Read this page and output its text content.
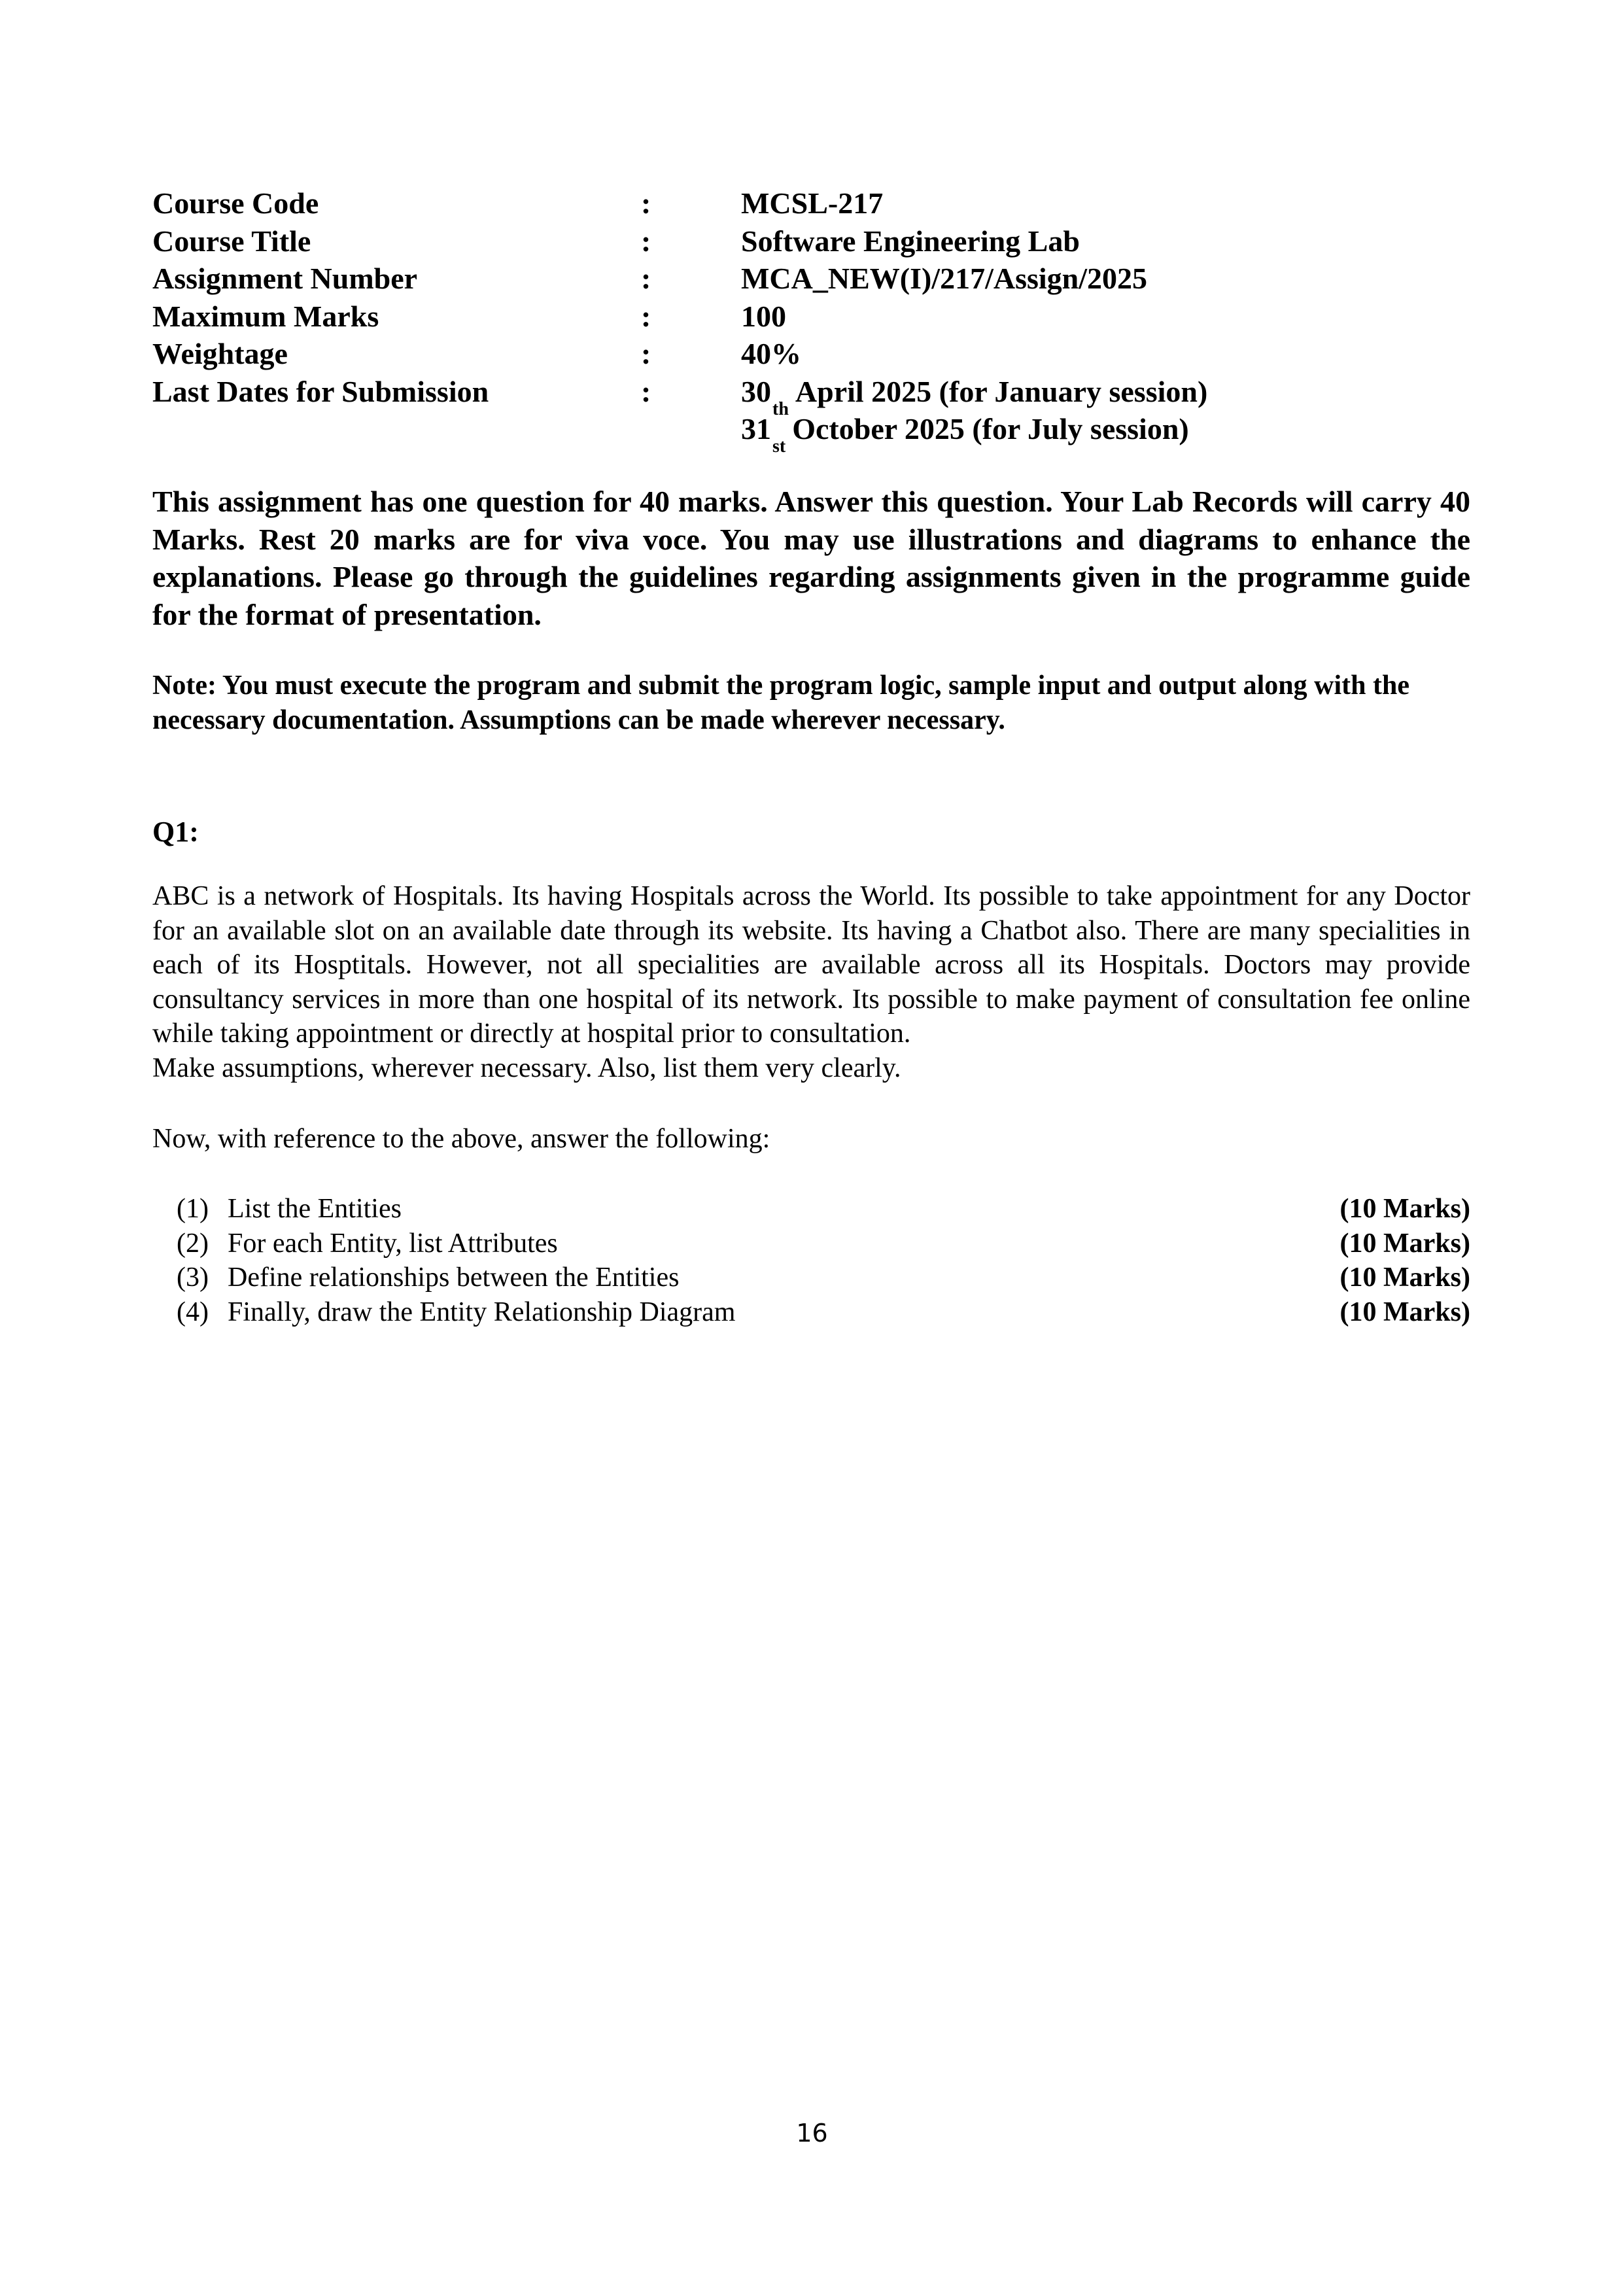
Course Code	:	MCSL-217
Course Title	:	Software Engineering Lab
Assignment Number	:	MCA_NEW(I)/217/Assign/2025
Maximum Marks	:	100
Weightage	:	40%
Last Dates for Submission	:	30thApril 2025 (for January session)
31stOctober 2025 (for July session)

This assignment has one question for 40 marks. Answer this question. Your Lab Records will carry 40 Marks. Rest 20 marks are for viva voce. You may use illustrations and diagrams to enhance the explanations. Please go through the guidelines regarding assignments given in the programme guide for the format of presentation.

Note: You must execute the program and submit the program logic, sample input and output along with the necessary documentation. Assumptions can be made wherever necessary.

Q1:

ABC is a network of Hospitals. Its having Hospitals across the World. Its possible to take appointment for any Doctor for an available slot on an available date through its website. Its having a Chatbot also. There are many specialities in each of its Hosptitals. However, not all specialities are available across all its Hospitals. Doctors may provide consultancy services in more than one hospital of its network. Its possible to make payment of consultation fee online while taking appointment or directly at hospital prior to consultation.

Make assumptions, wherever necessary. Also, list them very clearly.

Now, with reference to the above, answer the following:

(1) List the Entities	(10 Marks)
(2) For each Entity, list Attributes	(10 Marks)
(3) Define relationships between the Entities	(10 Marks)
(4) Finally, draw the Entity Relationship Diagram	(10 Marks)
16
